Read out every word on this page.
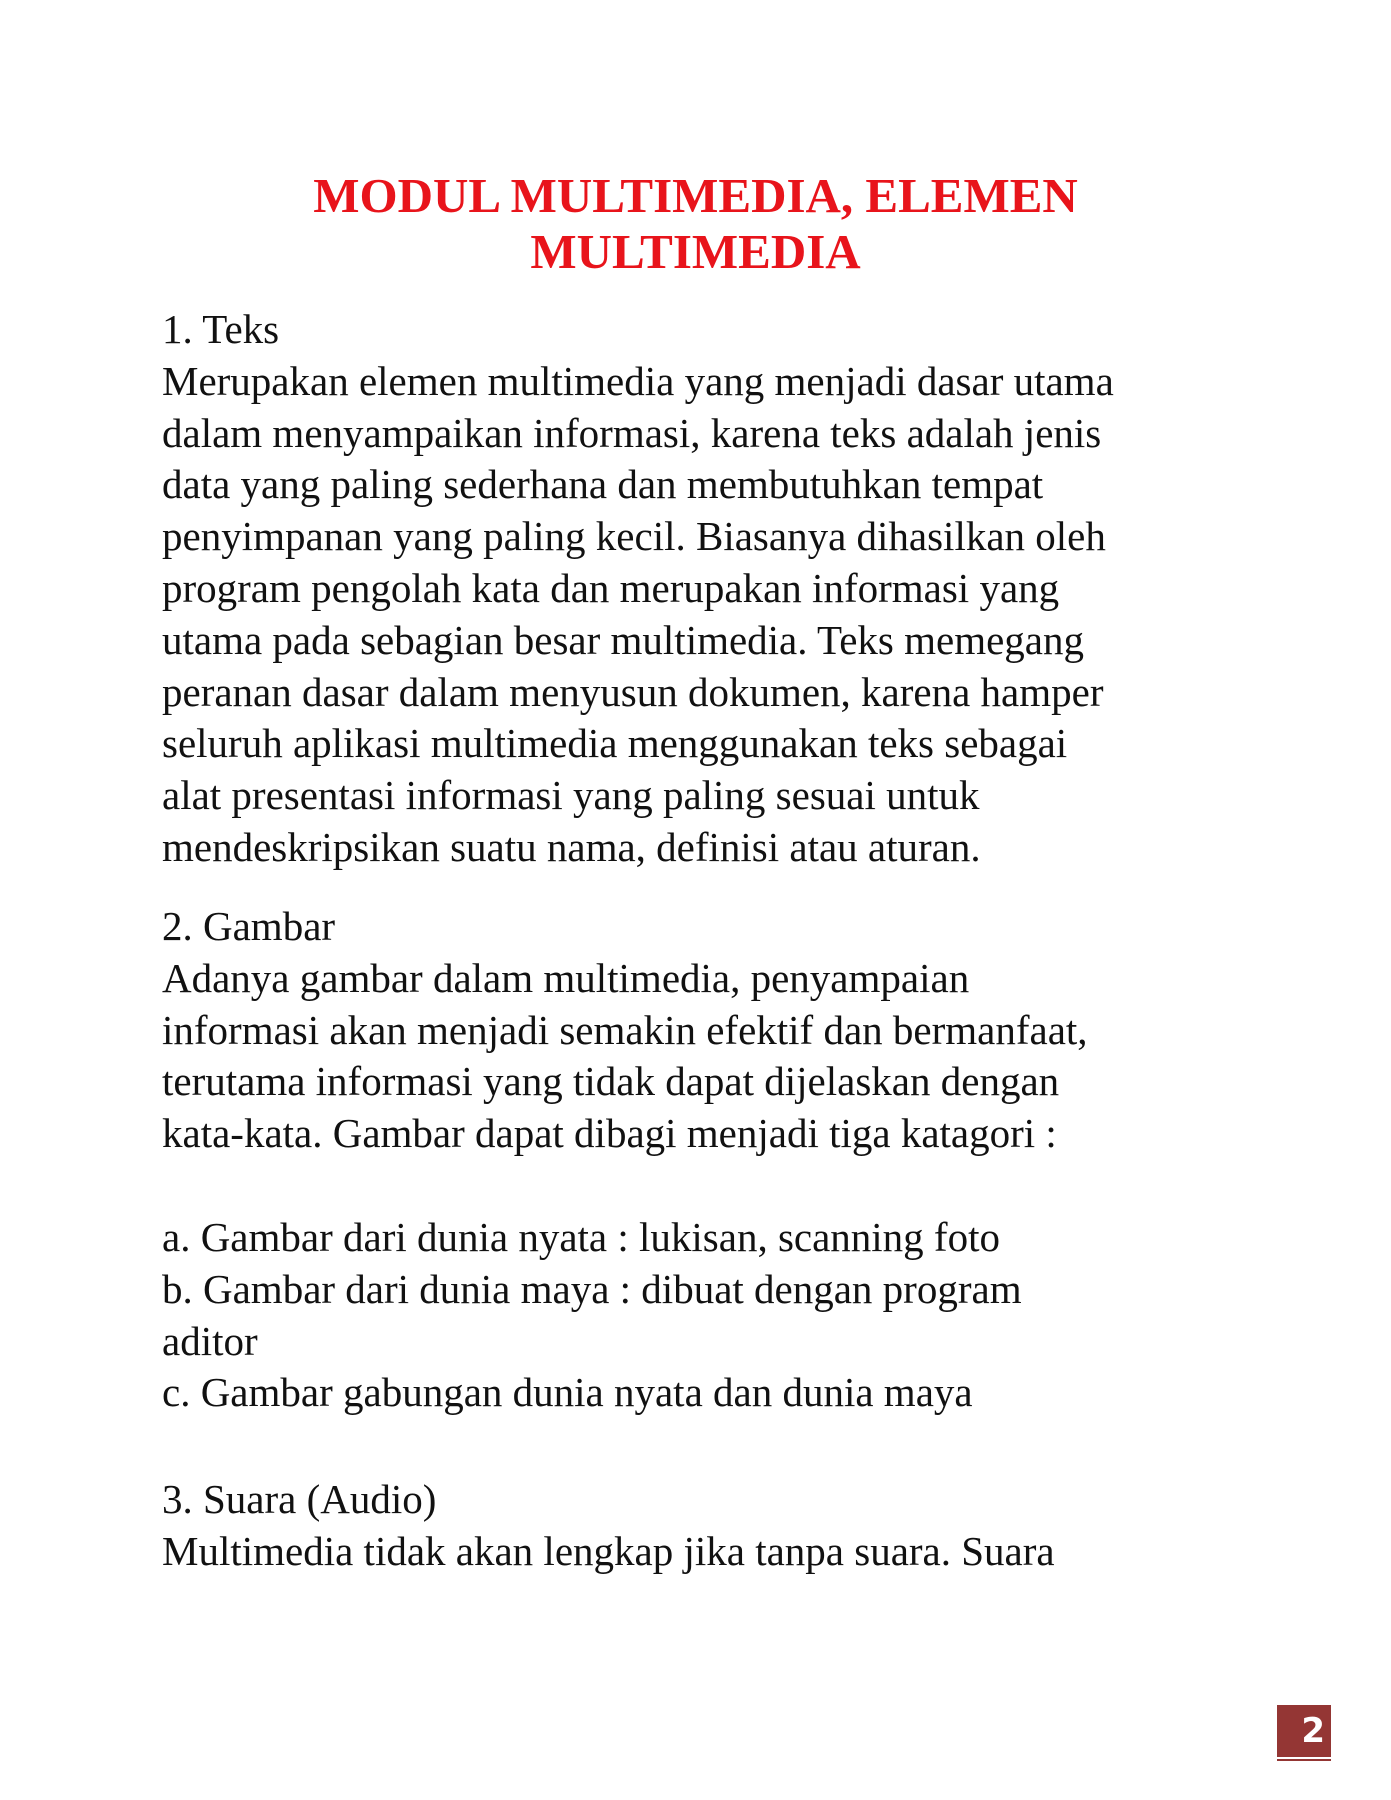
MODUL MULTIMEDIA, ELEMEN
MULTIMEDIA
1. Teks
Merupakan elemen multimedia yang menjadi dasar utama
dalam menyampaikan informasi, karena teks adalah jenis
data yang paling sederhana dan membutuhkan tempat
penyimpanan yang paling kecil. Biasanya dihasilkan oleh
program pengolah kata dan merupakan informasi yang
utama pada sebagian besar multimedia. Teks memegang
peranan dasar dalam menyusun dokumen, karena hamper
seluruh aplikasi multimedia menggunakan teks sebagai
alat presentasi informasi yang paling sesuai untuk
mendeskripsikan suatu nama, definisi atau aturan.
2. Gambar
Adanya gambar dalam multimedia, penyampaian
informasi akan menjadi semakin efektif dan bermanfaat,
terutama informasi yang tidak dapat dijelaskan dengan
kata-kata. Gambar dapat dibagi menjadi tiga katagori :
a. Gambar dari dunia nyata : lukisan, scanning foto
b. Gambar dari dunia maya : dibuat dengan program
aditor
c. Gambar gabungan dunia nyata dan dunia maya
3. Suara (Audio)
Multimedia tidak akan lengkap jika tanpa suara. Suara
2
